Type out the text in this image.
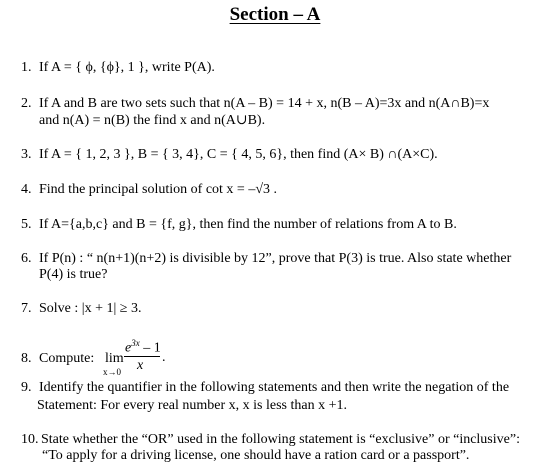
Section – A
1. If A = { ϕ, {ϕ}, 1 }, write P(A).
2. If A and B are two sets such that n(A – B) = 14 + x, n(B – A)=3x and n(A∩B)=x
and n(A) = n(B) the find x and n(A∪B).
3. If A = { 1, 2, 3 }, B = { 3, 4}, C = { 4, 5, 6}, then find (A× B) ∩(A×C).
4. Find the principal solution of cot x = –√3 .
5. If A={a,b,c} and B = {f, g}, then find the number of relations from A to B.
6. If P(n) : “ n(n+1)(n+2) is divisible by 12”, prove that P(3) is true. Also state whether
P(4) is true?
7. Solve : |x + 1| ≥ 3.
8. Compute: lim
x→0
$e^{3x} - 1$
x
.
9. Identify the quantifier in the following statements and then write the negation of the
Statement: For every real number x, x is less than x +1.
10. State whether the “OR” used in the following statement is “exclusive” or “inclusive”:
“To apply for a driving license, one should have a ration card or a passport”.
